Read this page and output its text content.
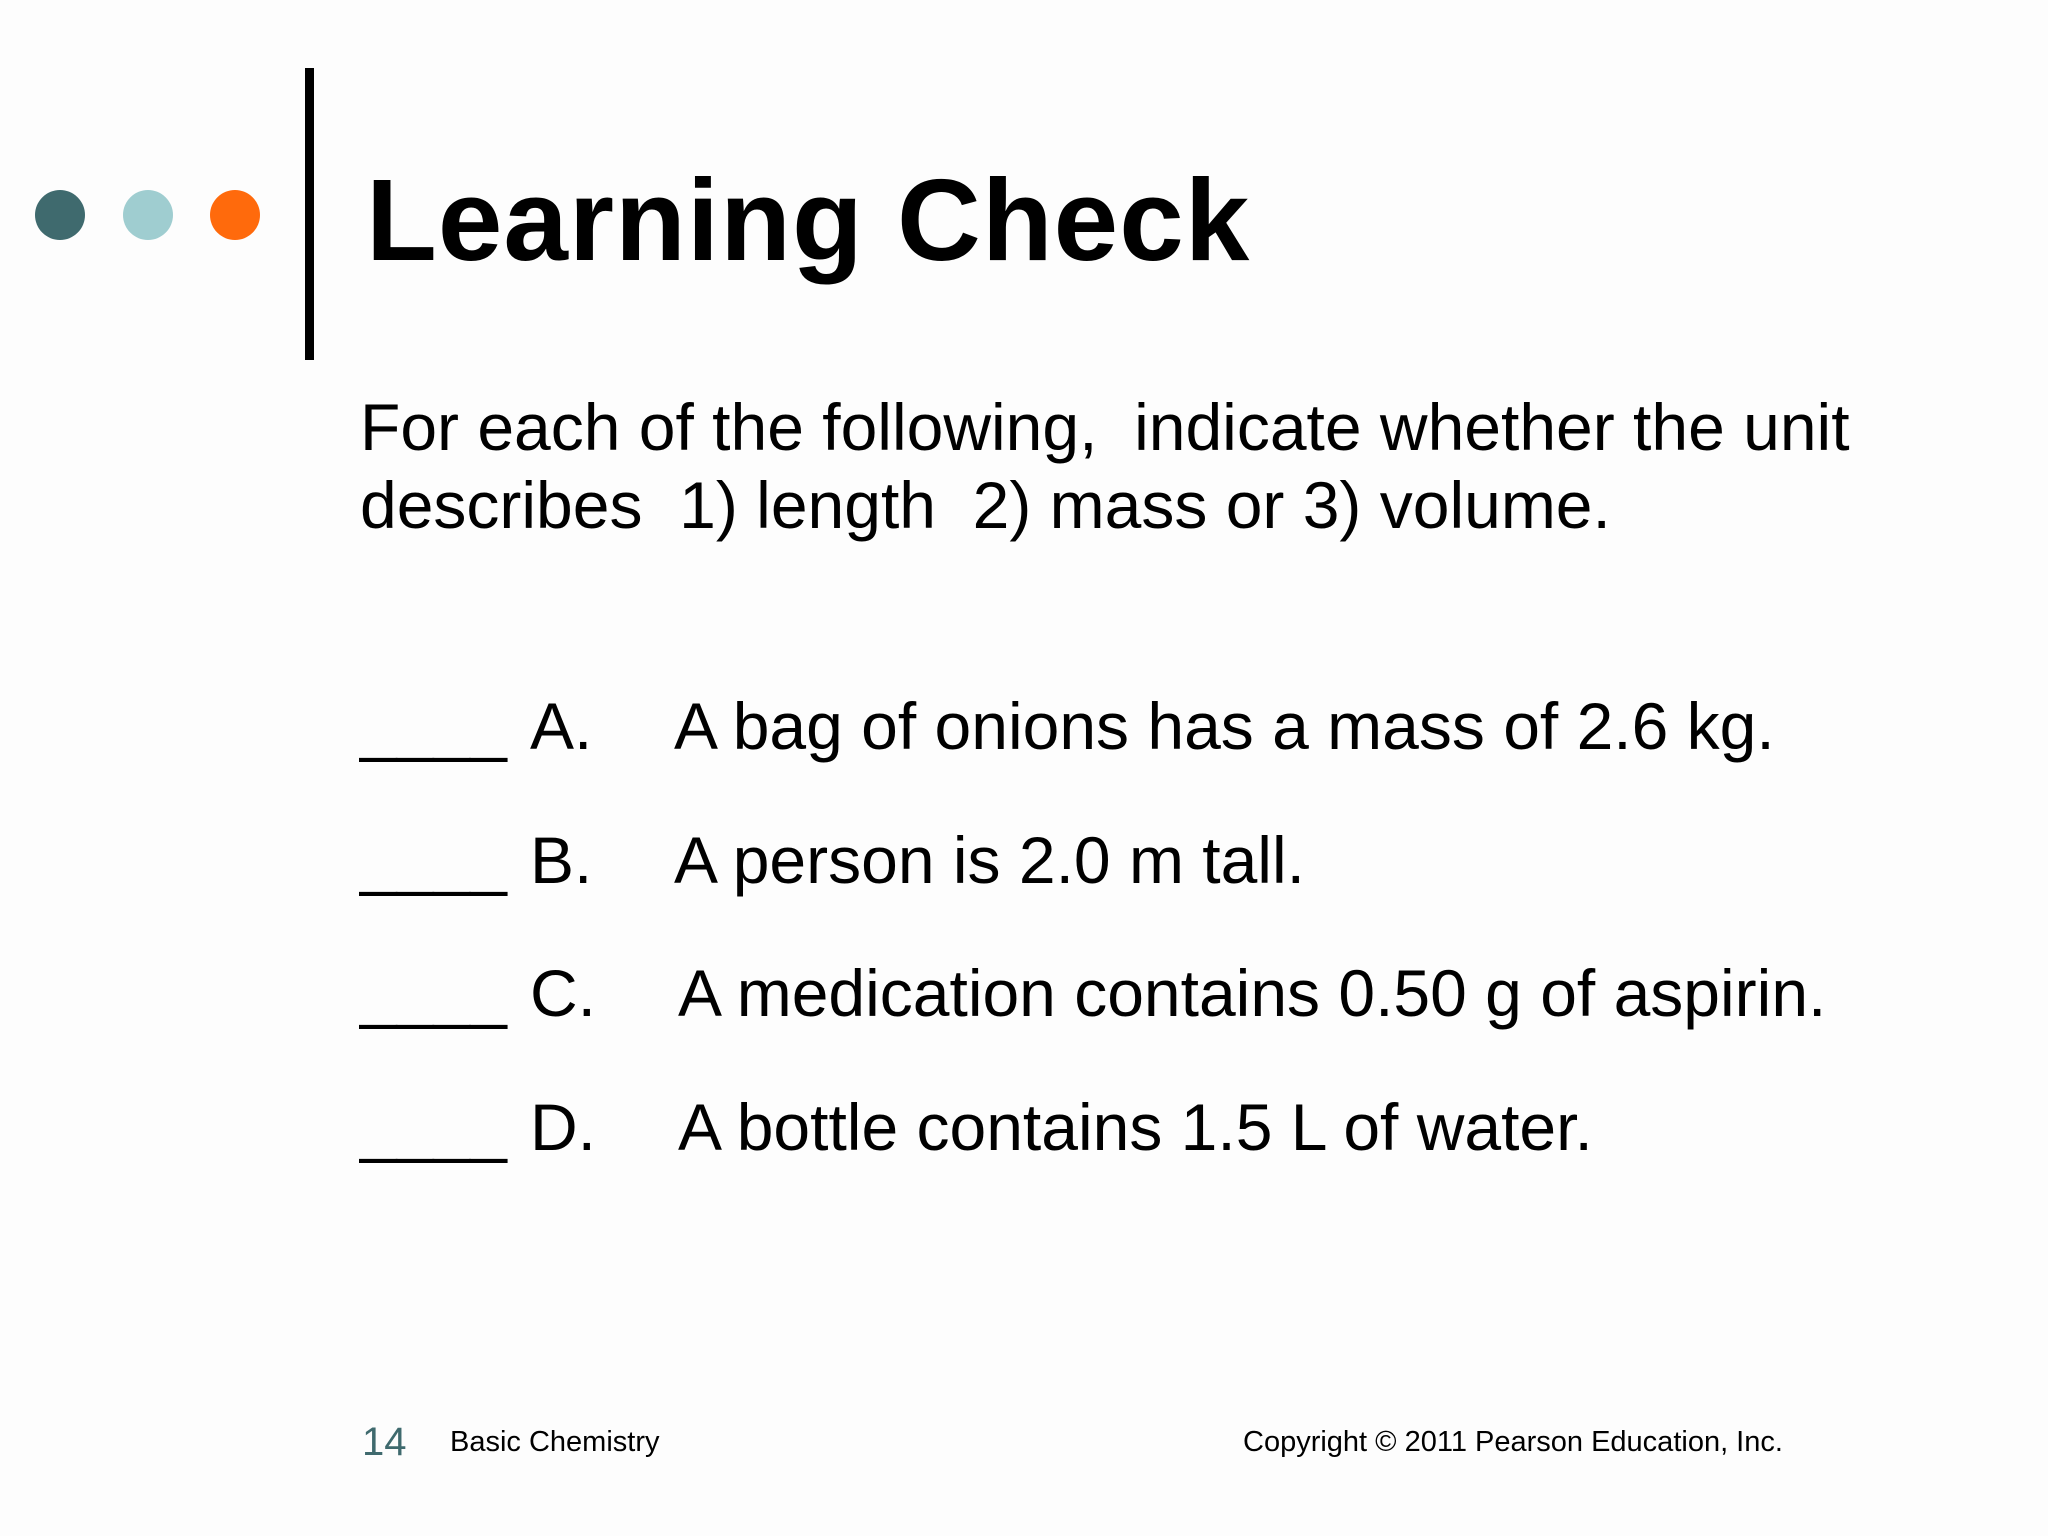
Learning Check
For each of the following,  indicate whether the unit
describes  1) length  2) mass or 3) volume.
____ A. A bag of onions has a mass of 2.6 kg.
____ B. A person is 2.0 m tall.
____ C. A medication contains 0.50 g of aspirin.
____ D. A bottle contains 1.5 L of water.
14 Basic Chemistry	Copyright © 2011 Pearson Education, Inc.
